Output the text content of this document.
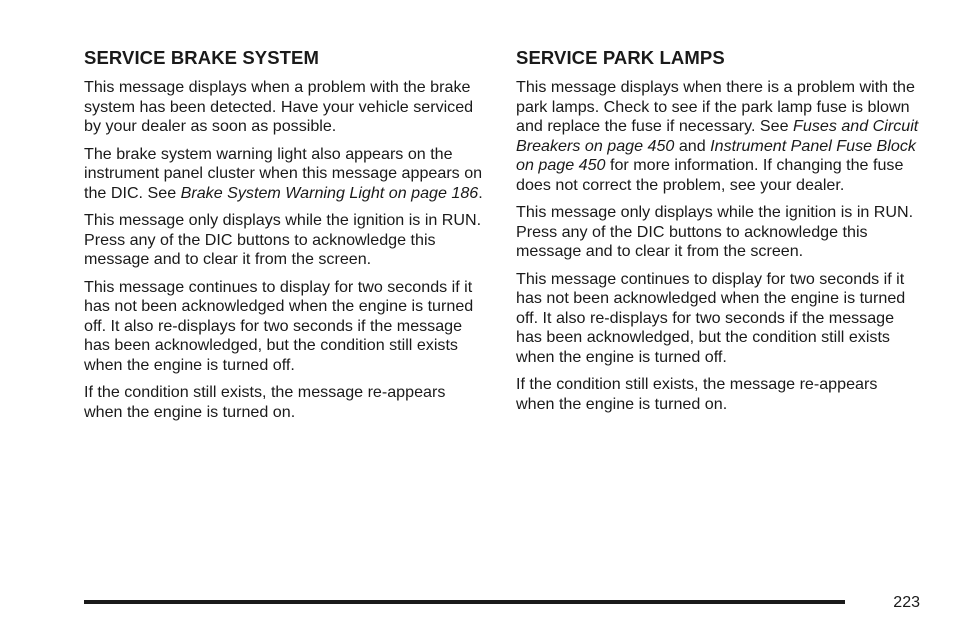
SERVICE BRAKE SYSTEM

This message displays when a problem with the brake system has been detected. Have your vehicle serviced by your dealer as soon as possible.

The brake system warning light also appears on the instrument panel cluster when this message appears on the DIC. See Brake System Warning Light on page 186.

This message only displays while the ignition is in RUN. Press any of the DIC buttons to acknowledge this message and to clear it from the screen.

This message continues to display for two seconds if it has not been acknowledged when the engine is turned off. It also re-displays for two seconds if the message has been acknowledged, but the condition still exists when the engine is turned off.

If the condition still exists, the message re-appears when the engine is turned on.

SERVICE PARK LAMPS

This message displays when there is a problem with the park lamps. Check to see if the park lamp fuse is blown and replace the fuse if necessary. See Fuses and Circuit Breakers on page 450 and Instrument Panel Fuse Block on page 450 for more information. If changing the fuse does not correct the problem, see your dealer.

This message only displays while the ignition is in RUN. Press any of the DIC buttons to acknowledge this message and to clear it from the screen.

This message continues to display for two seconds if it has not been acknowledged when the engine is turned off. It also re-displays for two seconds if the message has been acknowledged, but the condition still exists when the engine is turned off.

If the condition still exists, the message re-appears when the engine is turned on.

223
